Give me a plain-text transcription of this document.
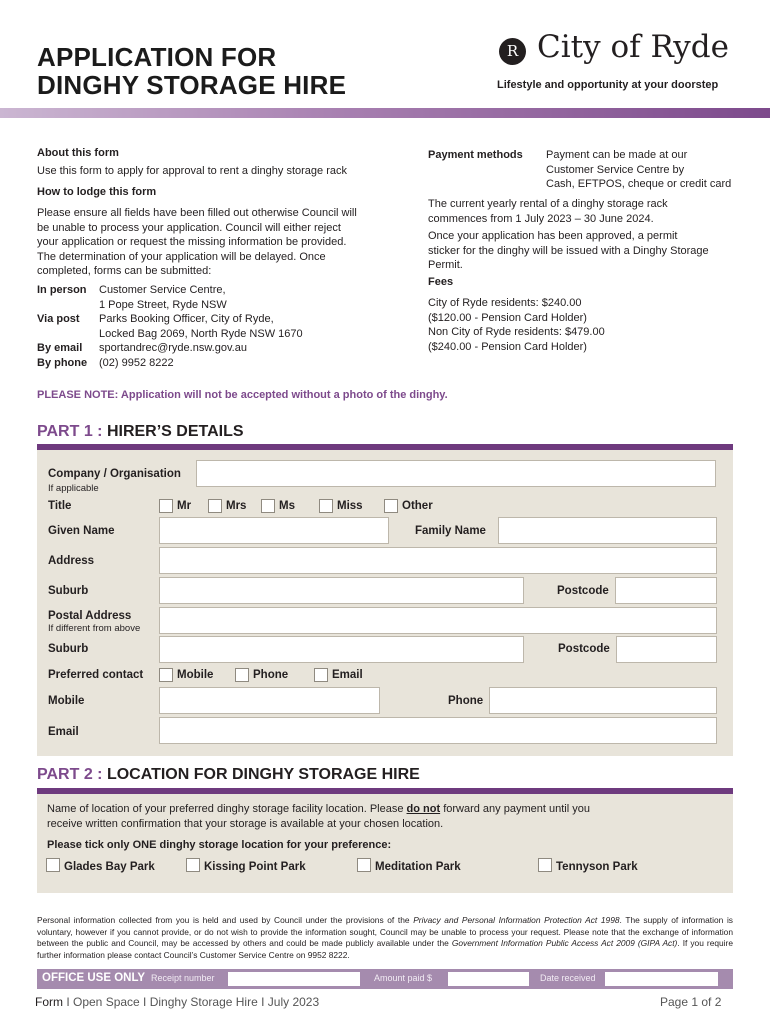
APPLICATION FOR
DINGHY STORAGE HIRE
R City of Ryde
Lifestyle and opportunity at your doorstep
About this form
Use this form to apply for approval to rent a dinghy storage rack
How to lodge this form
Please ensure all fields have been filled out otherwise Council will
be unable to process your application. Council will either reject
your application or request the missing information be provided.
The determination of your application will be delayed. Once
completed, forms can be submitted:
In person Customer Service Centre,
1 Pope Street, Ryde NSW
Via post Parks Booking Officer, City of Ryde,
Locked Bag 2069, North Ryde NSW 1670
By email sportandrec@ryde.nsw.gov.au
By phone (02) 9952 8222
Payment methods Payment can be made at our
Customer Service Centre by
Cash, EFTPOS, cheque or credit card
The current yearly rental of a dinghy storage rack
commences from 1 July 2023 – 30 June 2024.
Once your application has been approved, a permit
sticker for the dinghy will be issued with a Dinghy Storage
Permit.
Fees
City of Ryde residents: $240.00
($120.00 - Pension Card Holder)
Non City of Ryde residents: $479.00
($240.00 - Pension Card Holder)
PLEASE NOTE: Application will not be accepted without a photo of the dinghy.
PART 1 : HIRER’S DETAILS
Company / Organisation
If applicable
Title	Mr	Mrs	Ms	Miss	Other
Given Name	Family Name
Address
Suburb	Postcode
Postal Address
If different from above
Suburb	Postcode
Preferred contact	Mobile	Phone	Email
Mobile	Phone
Email
PART 2 : LOCATION FOR DINGHY STORAGE HIRE
Name of location of your preferred dinghy storage facility location. Please do not forward any payment until you
receive written confirmation that your storage is available at your chosen location.
Please tick only ONE dinghy storage location for your preference:
Glades Bay Park	Kissing Point Park	Meditation Park	Tennyson Park
Personal information collected from you is held and used by Council under the provisions of the Privacy and Personal Information Protection Act 1998. The supply of information is voluntary, however if you cannot provide, or do not wish to provide the information sought, Council may be unable to process your request. Please note that the exchange of information between the public and Council, may be accessed by others and could be made publicly available under the Government Information Public Access Act 2009 (GIPA Act). If you require further information please contact Council’s Customer Service Centre on 9952 8222.
OFFICE USE ONLY Receipt number	Amount paid $	Date received
Form I Open Space I Dinghy Storage Hire I July 2023	Page 1 of 2
